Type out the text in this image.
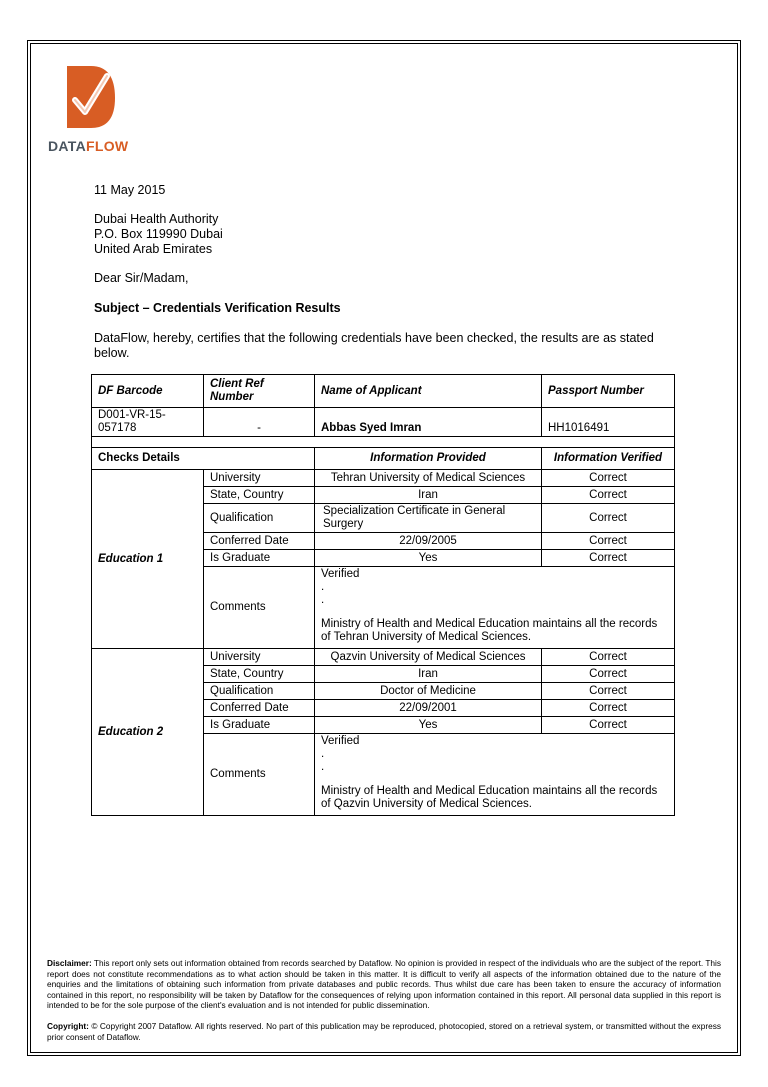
DATAFLOW
11 May 2015
Dubai Health Authority
P.O. Box 119990 Dubai
United Arab Emirates
Dear Sir/Madam,
Subject – Credentials Verification Results
DataFlow, hereby, certifies that the following credentials have been checked, the results are as stated below.
DF Barcode	Client Ref Number	Name of Applicant	Passport Number
D001-VR-15-057178	-	Abbas Syed Imran	HH1016491

Checks Details		Information Provided	Information Verified
Education 1	University	Tehran University of Medical Sciences	Correct
	State, Country	Iran	Correct
	Qualification	Specialization Certificate in General Surgery	Correct
	Conferred Date	22/09/2005	Correct
	Is Graduate	Yes	Correct
	Comments	Verified
.
.
Ministry of Health and Medical Education maintains all the records of Tehran University of Medical Sciences.	

Education 2	University	Qazvin University of Medical Sciences	Correct
	State, Country	Iran	Correct
	Qualification	Doctor of Medicine	Correct
	Conferred Date	22/09/2001	Correct
	Is Graduate	Yes	Correct
	Comments	Verified
.
.
Ministry of Health and Medical Education maintains all the records of Qazvin University of Medical Sciences.	
Disclaimer: This report only sets out information obtained from records searched by Dataflow. No opinion is provided in respect of the individuals who are the subject of the report. This report does not constitute recommendations as to what action should be taken in this matter. It is difficult to verify all aspects of the information obtained due to the nature of the enquiries and the limitations of obtaining such information from private databases and public records. Thus whilst due care has been taken to ensure the accuracy of information contained in this report, no responsibility will be taken by Dataflow for the consequences of relying upon information contained in this report. All personal data supplied in this report is intended to be for the sole purpose of the client's evaluation and is not intended for public dissemination.
Copyright: © Copyright 2007 Dataflow. All rights reserved. No part of this publication may be reproduced, photocopied, stored on a retrieval system, or transmitted without the express prior consent of Dataflow.
